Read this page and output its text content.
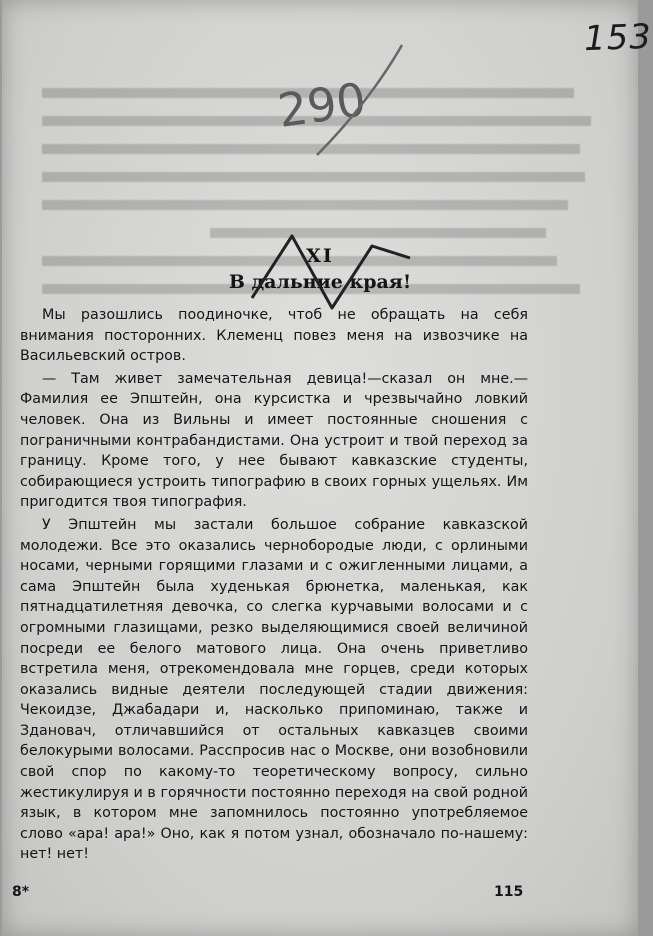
153
290
XI
В дальние края!

Мы разошлись поодиночке, чтоб не обращать на себя внимания посторонних. Клеменц повез меня на извозчике на Васильевский остров.

— Там живет замечательная девица!—сказал он мне.— Фамилия ее Эпштейн, она курсистка и чрезвычайно ловкий человек. Она из Вильны и имеет постоянные сношения с пограничными контрабандистами. Она устроит и твой переход за границу. Кроме того, у нее бывают кавказские студенты, собирающиеся устроить типографию в своих горных ущельях. Им пригодится твоя типография.

У Эпштейн мы застали большое собрание кавказской молодежи. Все это оказались чернобородые люди, с орлиными носами, черными горящими глазами и с ожигленными лицами, а сама Эпштейн была худенькая брюнетка, маленькая, как пятнадцатилетняя девочка, со слегка курчавыми волосами и с огромными глазищами, резко выделяющимися своей величиной посреди ее белого матового лица. Она очень приветливо встретила меня, отрекомендовала мне горцев, среди которых оказались видные деятели последующей стадии движения: Чекоидзе, Джабадари и, насколько припоминаю, также и Здановач, отличавшийся от остальных кавказцев своими белокурыми волосами. Расспросив нас о Москве, они возобновили свой спор по какому-то теоретическому вопросу, сильно жестикулируя и в горячности постоянно переходя на свой родной язык, в котором мне запомнилось постоянно употребляемое слово «ара! ара!» Оно, как я потом узнал, обозначало по-нашему: нет! нет!

8*	115
